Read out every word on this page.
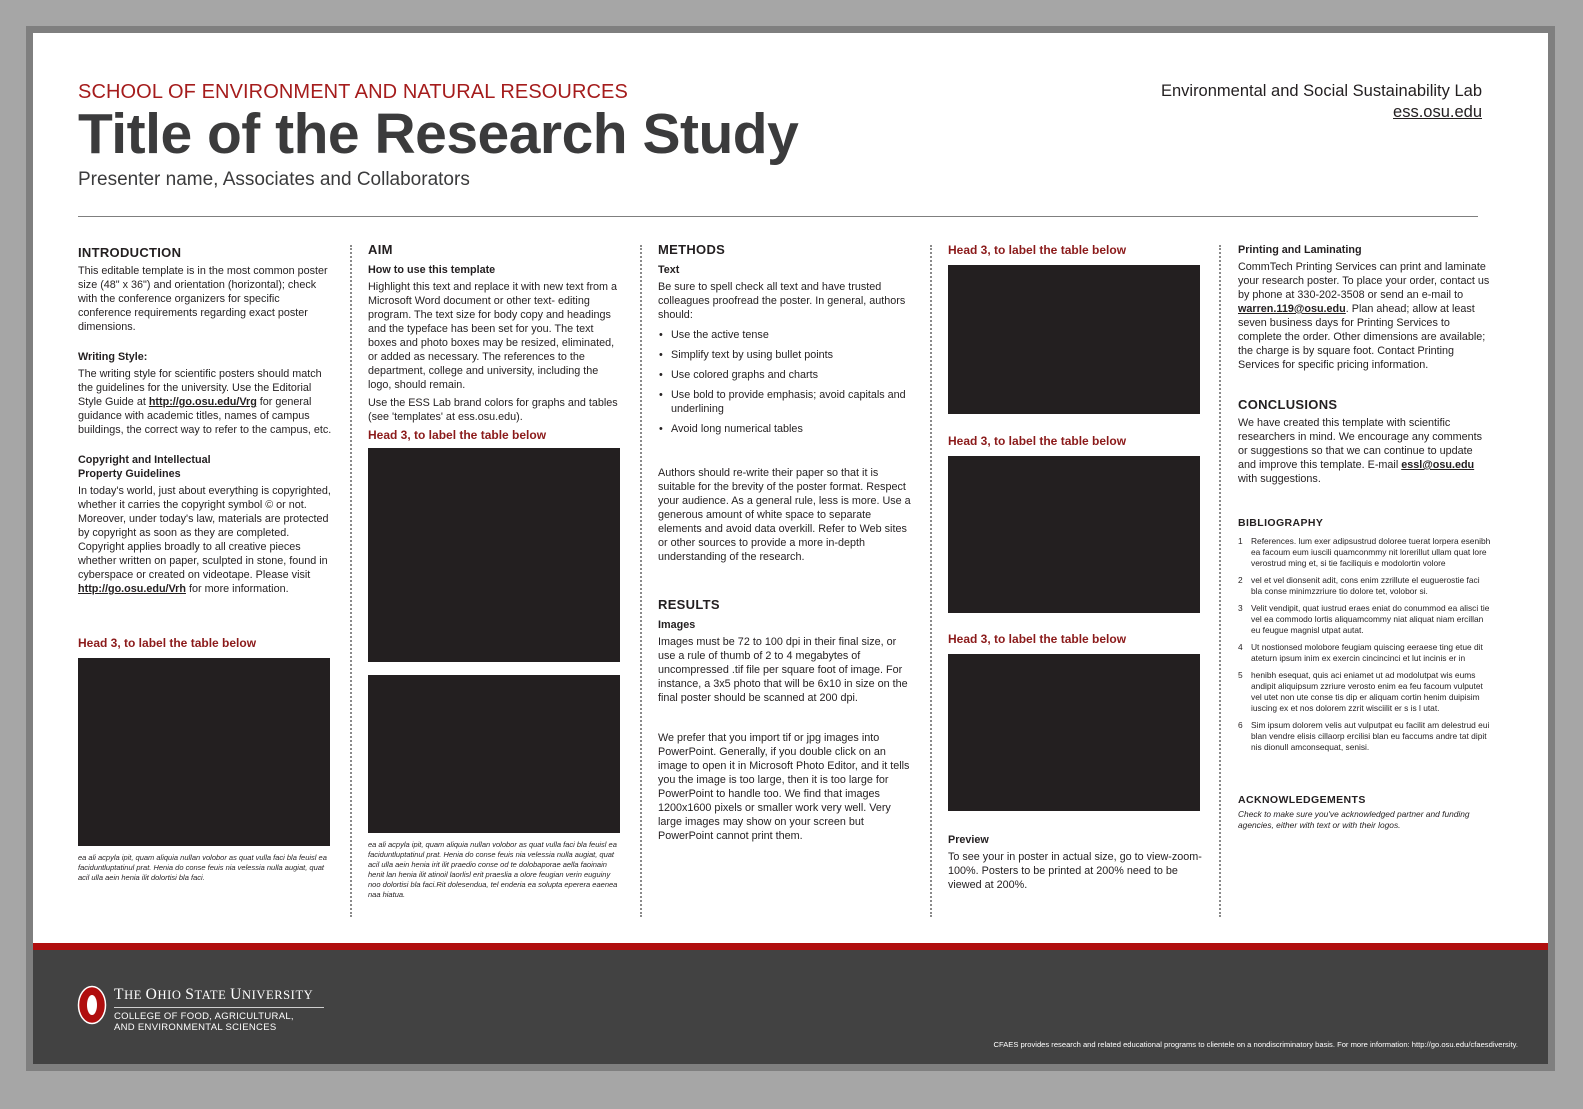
SCHOOL OF ENVIRONMENT AND NATURAL RESOURCES
Title of the Research Study
Presenter name, Associates and Collaborators
Environmental and Social Sustainability Lab
ess.osu.edu
INTRODUCTION

This editable template is in the most common poster size (48" x 36") and orientation (horizontal); check with the conference organizers for specific conference requirements regarding exact poster dimensions.

Writing Style:

The writing style for scientific posters should match the guidelines for the university. Use the Editorial Style Guide at http://go.osu.edu/Vrg for general guidance with academic titles, names of campus buildings, the correct way to refer to the campus, etc.

Copyright and Intellectual
Property Guidelines

In today's world, just about everything is copyrighted, whether it carries the copyright symbol © or not. Moreover, under today's law, materials are protected by copyright as soon as they are completed. Copyright applies broadly to all creative pieces whether written on paper, sculpted in stone, found in cyberspace or created on videotape. Please visit http://go.osu.edu/Vrh for more information.

Head 3, to label the table below
ea ali acpyla ipit, quam aliquia nullan volobor as quat vulla faci bla feuisl ea faciduntluptatinul prat. Henia do conse feuis nia velessia nulla augiat, quat acil ulla aein henia ilit dolortisi bla faci.
AIM
How to use this template

Highlight this text and replace it with new text from a Microsoft Word document or other text- editing program. The text size for body copy and headings and the typeface has been set for you. The text boxes and photo boxes may be resized, eliminated, or added as necessary. The references to the department, college and university, including the logo, should remain.

Use the ESS Lab brand colors for graphs and tables (see 'templates' at ess.osu.edu).

Head 3, to label the table below
ea ali acpyla ipit, quam aliquia nullan volobor as quat vulla faci bla feuisl ea faciduntluptatinul prat. Henia do conse feuis nia velessia nulla augiat, quat acil ulla aein henia irit ilit praedio conse od te dolobaporae aella faoinain henit lan henia ilit atinoil laorlisl erit praeslia a olore feugian verin euguiny noo dolortisi bla faci.Rit dolesendua, tel enderia ea solupta eperera eaenea naa hiatua.
METHODS
Text

Be sure to spell check all text and have trusted colleagues proofread the poster. In general, authors should:

• Use the active tense
• Simplify text by using bullet points
• Use colored graphs and charts
• Use bold to provide emphasis; avoid capitals and underlining
• Avoid long numerical tables

Authors should re-write their paper so that it is suitable for the brevity of the poster format. Respect your audience. As a general rule, less is more. Use a generous amount of white space to separate elements and avoid data overkill. Refer to Web sites or other sources to provide a more in-depth understanding of the research.

RESULTS
Images

Images must be 72 to 100 dpi in their final size, or use a rule of thumb of 2 to 4 megabytes of uncompressed .tif file per square foot of image. For instance, a 3x5 photo that will be 6x10 in size on the final poster should be scanned at 200 dpi.

We prefer that you import tif or jpg images into PowerPoint. Generally, if you double click on an image to open it in Microsoft Photo Editor, and it tells you the image is too large, then it is too large for PowerPoint to handle too. We find that images 1200x1600 pixels or smaller work very well. Very large images may show on your screen but PowerPoint cannot print them.

Head 3, to label the table below
Head 3, to label the table below
Head 3, to label the table below
Preview

To see your in poster in actual size, go to view-zoom-100%. Posters to be printed at 200% need to be viewed at 200%.

Printing and Laminating

CommTech Printing Services can print and laminate your research poster. To place your order, contact us by phone at 330-202-3508 or send an e-mail to warren.119@osu.edu. Plan ahead; allow at least seven business days for Printing Services to complete the order. Other dimensions are available; the charge is by square foot. Contact Printing Services for specific pricing information.

CONCLUSIONS

We have created this template with scientific researchers in mind. We encourage any comments or suggestions so that we can continue to update and improve this template. E-mail essl@osu.edu with suggestions.

BIBLIOGRAPHY
1 References. lum exer adipsustrud doloree tuerat lorpera esenibh ea facoum eum iuscili quamconmmy nit lorerillut ullam quat lore verostrud ming et, si tie faciliquis e modolortin volore
2 vel et vel dionsenit adit, cons enim zzrillute el euguerostie faci bla conse minimzzriure tio dolore tet, volobor si.
3 Velit vendipit, quat iustrud eraes eniat do conummod ea alisci tie vel ea commodo lortis aliquamcommy niat aliquat niam ercillan eu feugue magnisl utpat autat.
4 Ut nostionsed molobore feugiam quiscing eeraese ting etue dit ateturn ipsum inim ex exercin cincincinci et lut incinis er in
5 henibh esequat, quis aci eniamet ut ad modolutpat wis eums andipit aliquipsum zzriure verosto enim ea feu facoum vulputet vel utet non ute conse tis dip er aliquam cortin henim duipisim iuscing ex et nos dolorem zzrit wisciilit er s is l utat.
6 Sim ipsum dolorem velis aut vulputpat eu facilit am delestrud eui blan vendre elisis cillaorp ercilisi blan eu faccums andre tat dipit nis dionull amconsequat, senisi.
ACKNOWLEDGEMENTS
Check to make sure you've acknowledged partner and funding agencies, either with text or with their logos.
THE OHIO STATE UNIVERSITY
COLLEGE OF FOOD, AGRICULTURAL,
AND ENVIRONMENTAL SCIENCES
CFAES provides research and related educational programs to clientele on a nondiscriminatory basis. For more information: http://go.osu.edu/cfaesdiversity.
